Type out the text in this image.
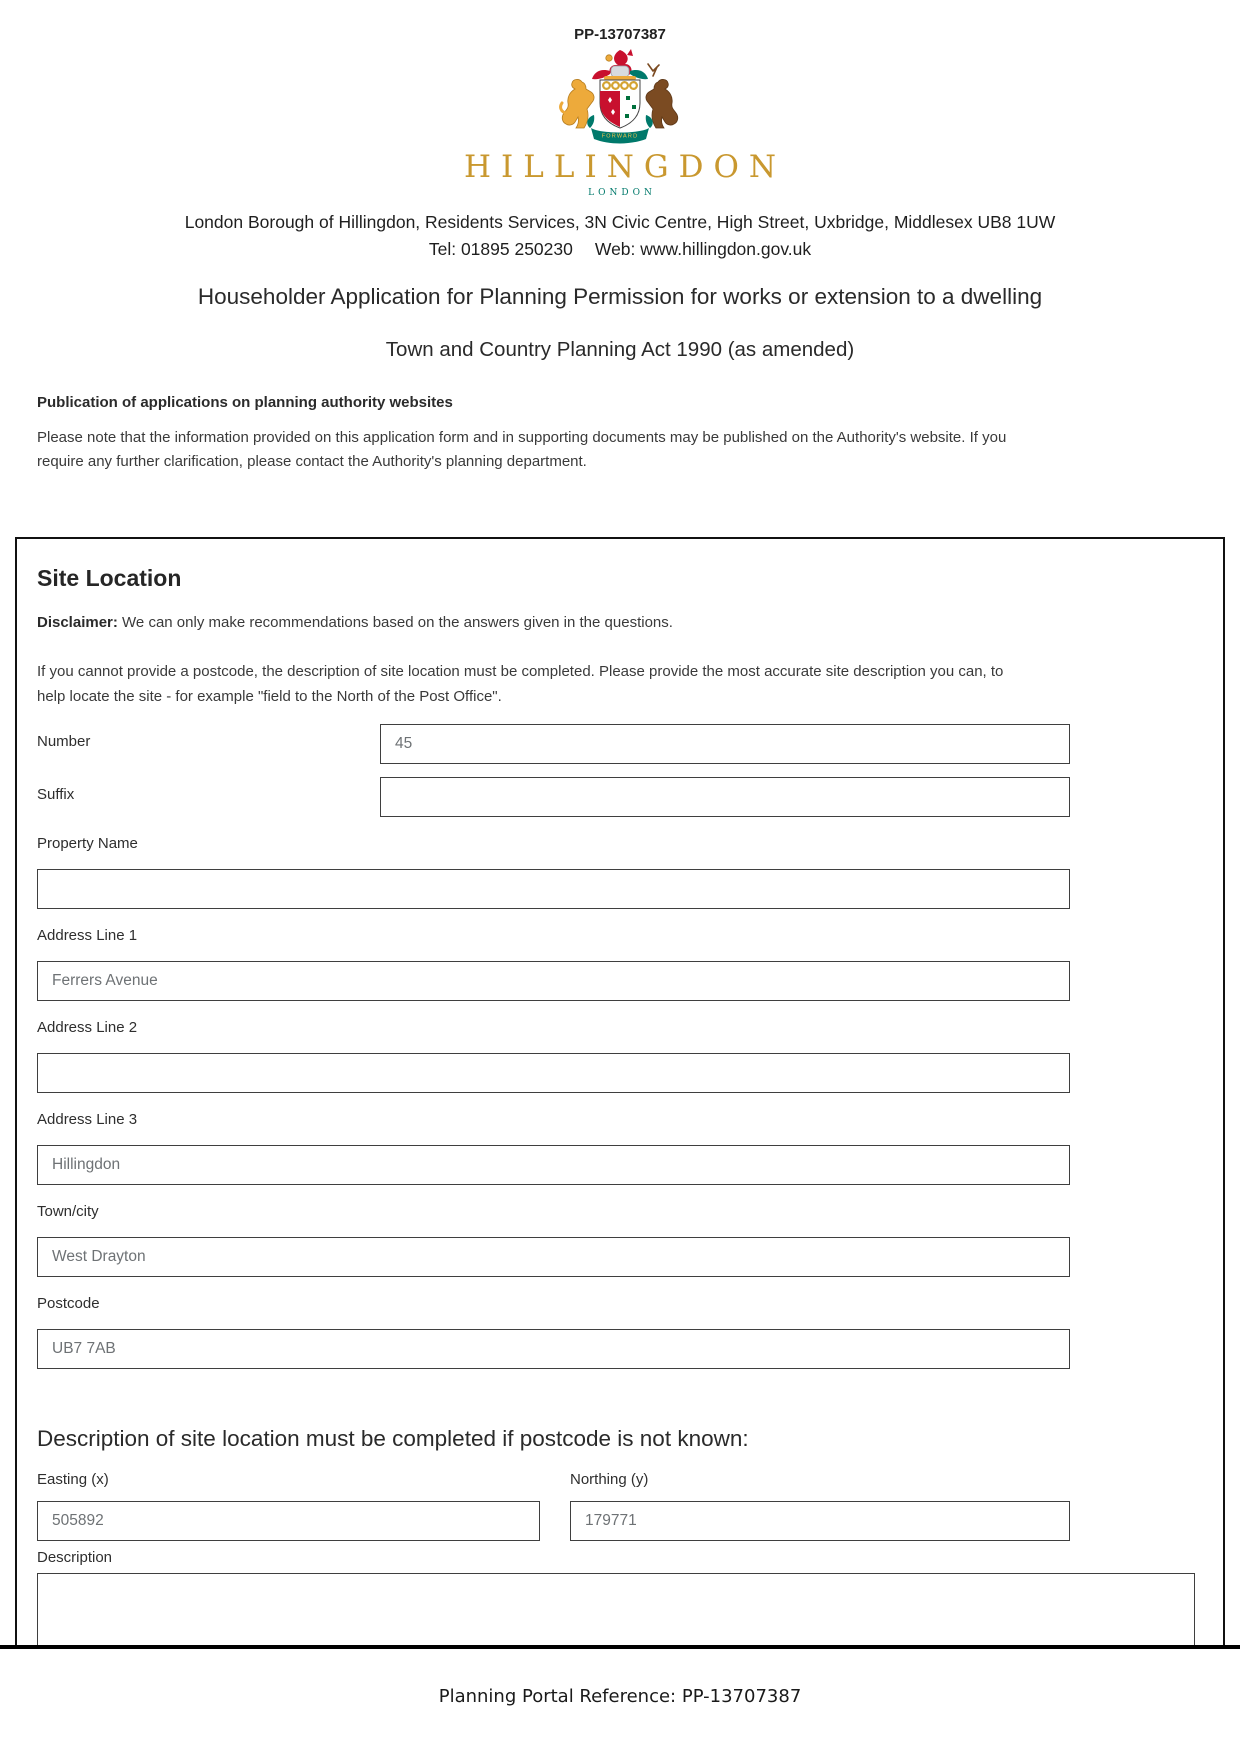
PP-13707387
FORWARD
HILLINGDON
LONDON
London Borough of Hillingdon, Residents Services, 3N Civic Centre, High Street, Uxbridge, Middlesex UB8 1UW
Tel: 01895 250230 Web: www.hillingdon.gov.uk
Householder Application for Planning Permission for works or extension to a dwelling
Town and Country Planning Act 1990 (as amended)
Publication of applications on planning authority websites
Please note that the information provided on this application form and in supporting documents may be published on the Authority's website. If you
require any further clarification, please contact the Authority's planning department.
Site Location

Disclaimer: We can only make recommendations based on the answers given in the questions.

If you cannot provide a postcode, the description of site location must be completed. Please provide the most accurate site description you can, to
help locate the site - for example "field to the North of the Post Office".

Number
45
Suffix
Property Name
Address Line 1
Ferrers Avenue
Address Line 2
Address Line 3
Hillingdon
Town/city
West Drayton
Postcode
UB7 7AB
Description of site location must be completed if postcode is not known:
Easting (x)
505892	Northing (y)
179771
Description
Planning Portal Reference: PP-13707387
